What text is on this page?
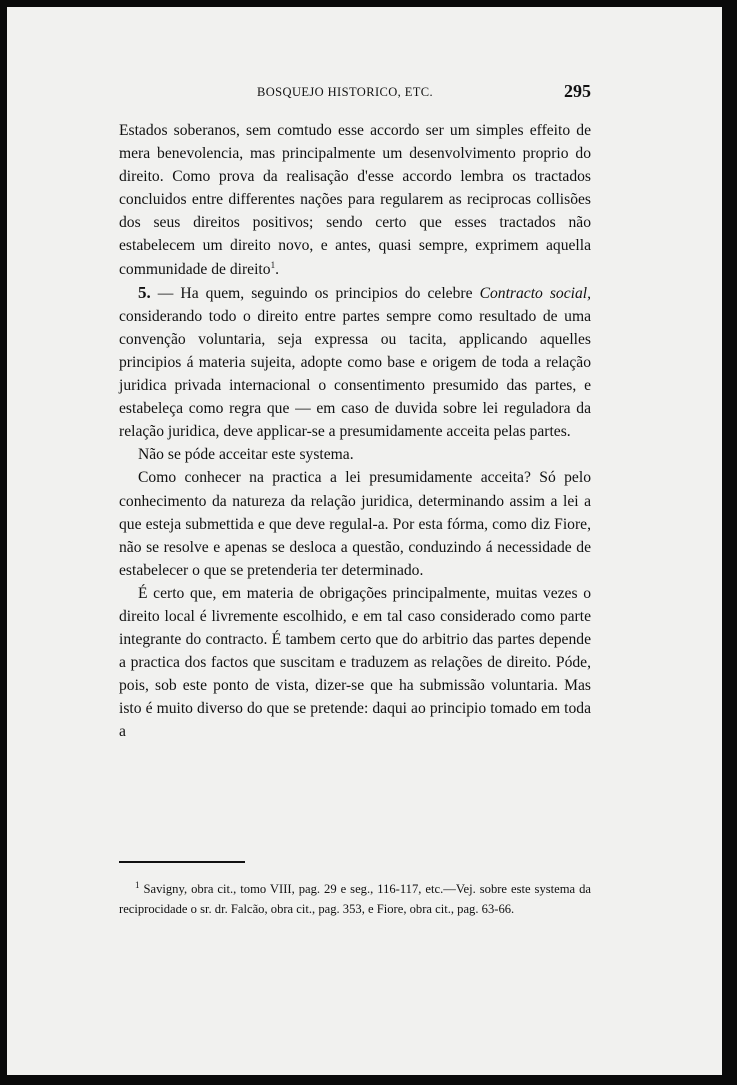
BOSQUEJO HISTORICO, ETC.	295

Estados soberanos, sem comtudo esse accordo ser um simples effeito de mera benevolencia, mas principalmente um desenvolvimento proprio do direito. Como prova da realisação d'esse accordo lembra os tractados concluidos entre differentes nações para regularem as reciprocas collisões dos seus direitos positivos; sendo certo que esses tractados não estabelecem um direito novo, e antes, quasi sempre, exprimem aquella communidade de direito$^1$.

5. — Ha quem, seguindo os principios do celebre Contracto social, considerando todo o direito entre partes sempre como resultado de uma convenção voluntaria, seja expressa ou tacita, applicando aquelles principios á materia sujeita, adopte como base e origem de toda a relação juridica privada internacional o consentimento presumido das partes, e estabeleça como regra que — em caso de duvida sobre lei reguladora da relação juridica, deve applicar-se a presumidamente acceita pelas partes.

Não se póde acceitar este systema.

Como conhecer na practica a lei presumidamente acceita? Só pelo conhecimento da natureza da relação juridica, determinando assim a lei a que esteja submettida e que deve regulal-a. Por esta fórma, como diz Fiore, não se resolve e apenas se desloca a questão, conduzindo á necessidade de estabelecer o que se pretenderia ter determinado.

É certo que, em materia de obrigações principalmente, muitas vezes o direito local é livremente escolhido, e em tal caso considerado como parte integrante do contracto. É tambem certo que do arbitrio das partes depende a practica dos factos que suscitam e traduzem as relações de direito. Póde, pois, sob este ponto de vista, dizer-se que ha submissão voluntaria. Mas isto é muito diverso do que se pretende: daqui ao principio tomado em toda a

$^1$ Savigny, obra cit., tomo VIII, pag. 29 e seg., 116-117, etc.—Vej. sobre este systema da reciprocidade o sr. dr. Falcão, obra cit., pag. 353, e Fiore, obra cit., pag. 63-66.
